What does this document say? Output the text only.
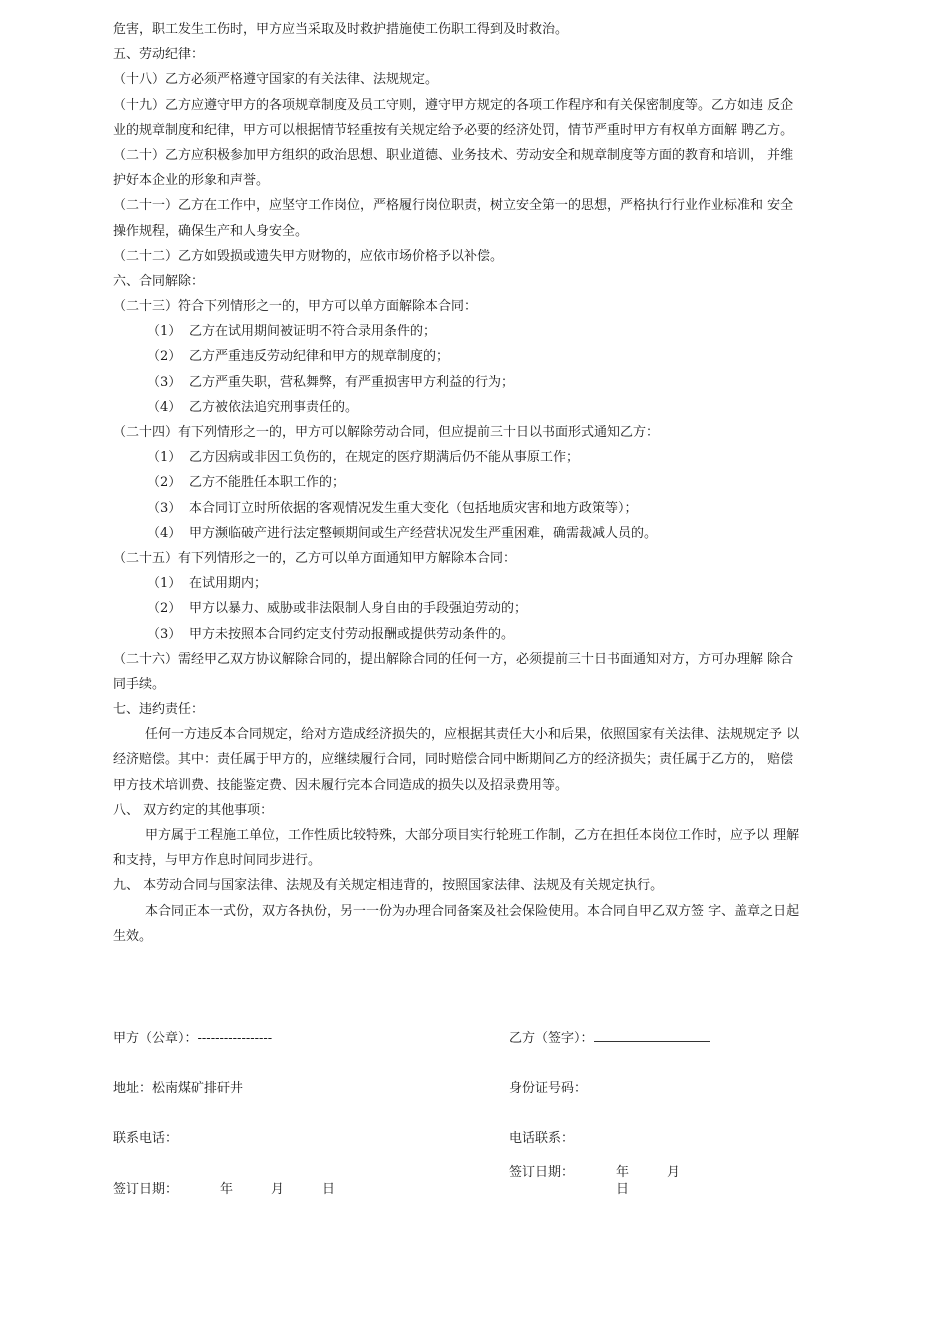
危害，职工发生工伤时，甲方应当采取及时救护措施使工伤职工得到及时救治。
五、劳动纪律：
（十八）乙方必须严格遵守国家的有关法律、法规规定。
（十九）乙方应遵守甲方的各项规章制度及员工守则，遵守甲方规定的各项工作程序和有关保密制度等。乙方如违 反企
业的规章制度和纪律，甲方可以根据情节轻重按有关规定给予必要的经济处罚，情节严重时甲方有权单方面解 聘乙方。
（二十）乙方应积极参加甲方组织的政治思想、职业道德、业务技术、劳动安全和规章制度等方面的教育和培训， 并维
护好本企业的形象和声誉。
（二十一）乙方在工作中，应坚守工作岗位，严格履行岗位职责，树立安全第一的思想，严格执行行业作业标准和 安全
操作规程，确保生产和人身安全。
（二十二）乙方如毁损或遗失甲方财物的，应依市场价格予以补偿。
六、合同解除：
（二十三）符合下列情形之一的，甲方可以单方面解除本合同：
（1） 乙方在试用期间被证明不符合录用条件的；
（2） 乙方严重违反劳动纪律和甲方的规章制度的；
（3） 乙方严重失职，营私舞弊，有严重损害甲方利益的行为；
（4） 乙方被依法追究刑事责任的。
（二十四）有下列情形之一的，甲方可以解除劳动合同，但应提前三十日以书面形式通知乙方：
（1） 乙方因病或非因工负伤的，在规定的医疗期满后仍不能从事原工作；
（2） 乙方不能胜任本职工作的；
（3） 本合同订立时所依据的客观情况发生重大变化（包括地质灾害和地方政策等）；
（4） 甲方濒临破产进行法定整顿期间或生产经营状况发生严重困难，确需裁减人员的。
（二十五）有下列情形之一的，乙方可以单方面通知甲方解除本合同：
（1） 在试用期内；
（2） 甲方以暴力、威胁或非法限制人身自由的手段强迫劳动的；
（3） 甲方未按照本合同约定支付劳动报酬或提供劳动条件的。
（二十六）需经甲乙双方协议解除合同的，提出解除合同的任何一方，必须提前三十日书面通知对方，方可办理解 除合
同手续。
七、违约责任：
任何一方违反本合同规定，给对方造成经济损失的，应根据其责任大小和后果，依照国家有关法律、法规规定予 以
经济赔偿。其中：责任属于甲方的，应继续履行合同，同时赔偿合同中断期间乙方的经济损失；责任属于乙方的， 赔偿
甲方技术培训费、技能鉴定费、因未履行完本合同造成的损失以及招录费用等。
八、 双方约定的其他事项：
甲方属于工程施工单位，工作性质比较特殊，大部分项目实行轮班工作制，乙方在担任本岗位工作时，应予以 理解
和支持，与甲方作息时间同步进行。
九、 本劳动合同与国家法律、法规及有关规定相违背的，按照国家法律、法规及有关规定执行。
本合同正本一式份，双方各执份，另一一份为办理合同备案及社会保险使用。本合同自甲乙双方签 字、盖章之日起
生效。
甲方（公章）：-----------------
地址：松南煤矿排矸井
联系电话：
签订日期：	年	月	日
乙方（签字）：
身份证号码：
电话联系：
签订日期：	年	月
日
